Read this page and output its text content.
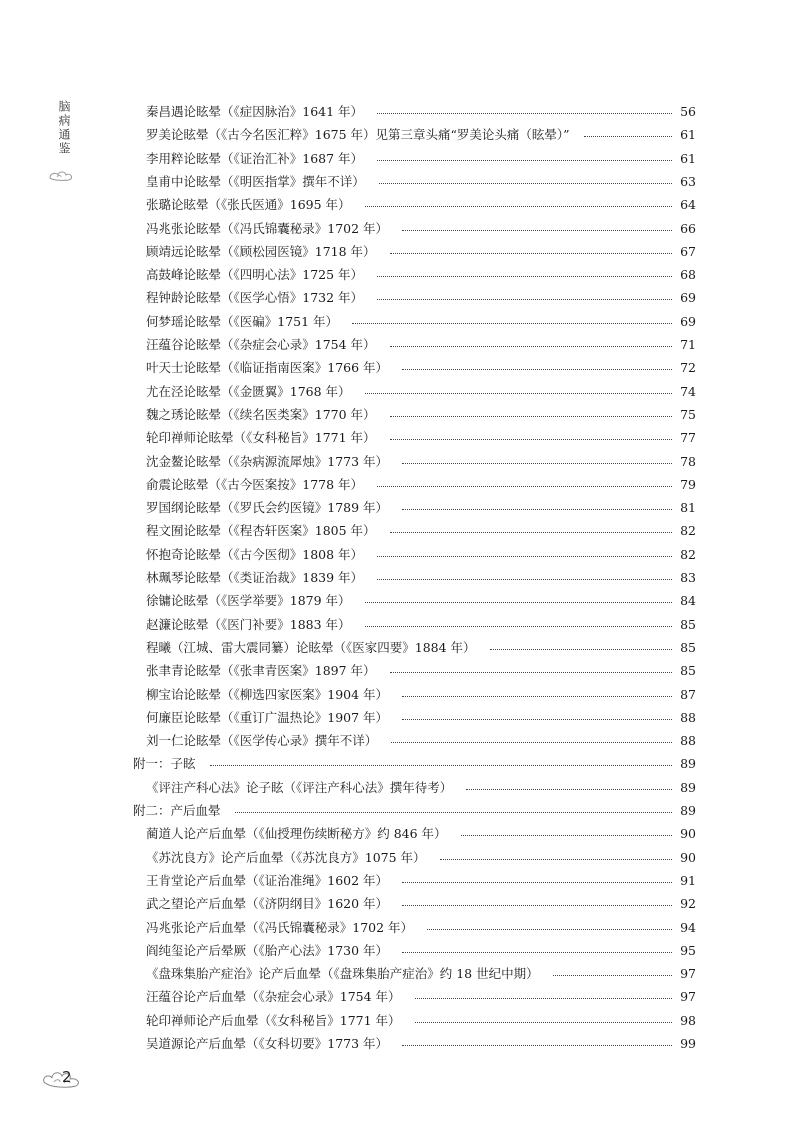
脑病通鉴	秦昌遇论眩晕（《症因脉治》1641 年）	56
罗美论眩晕（《古今名医汇粹》1675 年）见第三章头痛“罗美论头痛（眩晕）”	61
李用粹论眩晕（《证治汇补》1687 年）	61
皇甫中论眩晕（《明医指掌》撰年不详）	63
张璐论眩晕（《张氏医通》1695 年）	64
冯兆张论眩晕（《冯氏锦囊秘录》1702 年）	66
顾靖远论眩晕（《顾松园医镜》1718 年）	67
高鼓峰论眩晕（《四明心法》1725 年）	68
程钟龄论眩晕（《医学心悟》1732 年）	69
何梦瑶论眩晕（《医碥》1751 年）	69
汪蕴谷论眩晕（《杂症会心录》1754 年）	71
叶天士论眩晕（《临证指南医案》1766 年）	72
尤在泾论眩晕（《金匮翼》1768 年）	74
魏之琇论眩晕（《续名医类案》1770 年）	75
轮印禅师论眩晕（《女科秘旨》1771 年）	77
沈金鳌论眩晕（《杂病源流犀烛》1773 年）	78
俞震论眩晕（《古今医案按》1778 年）	79
罗国纲论眩晕（《罗氏会约医镜》1789 年）	81
程文囿论眩晕（《程杏轩医案》1805 年）	82
怀抱奇论眩晕（《古今医彻》1808 年）	82
林珮琴论眩晕（《类证治裁》1839 年）	83
徐镛论眩晕（《医学举要》1879 年）	84
赵濂论眩晕（《医门补要》1883 年）	85
程曦（江城、雷大震同纂）论眩晕（《医家四要》1884 年）	85
张聿青论眩晕（《张聿青医案》1897 年）	85
柳宝诒论眩晕（《柳选四家医案》1904 年）	87
何廉臣论眩晕（《重订广温热论》1907 年）	88
刘一仁论眩晕（《医学传心录》撰年不详）	88
附一：子眩	89
《评注产科心法》论子眩（《评注产科心法》撰年待考）	89
附二：产后血晕	89
蔺道人论产后血晕（《仙授理伤续断秘方》约 846 年）	90
《苏沈良方》论产后血晕（《苏沈良方》1075 年）	90
王肯堂论产后血晕（《证治准绳》1602 年）	91
武之望论产后血晕（《济阴纲目》1620 年）	92
冯兆张论产后血晕（《冯氏锦囊秘录》1702 年）	94
阎纯玺论产后晕厥（《胎产心法》1730 年）	95
《盘珠集胎产症治》论产后血晕（《盘珠集胎产症治》约 18 世纪中期）	97
汪蕴谷论产后血晕（《杂症会心录》1754 年）	97
轮印禅师论产后血晕（《女科秘旨》1771 年）	98
吴道源论产后血晕（《女科切要》1773 年）	99
2
